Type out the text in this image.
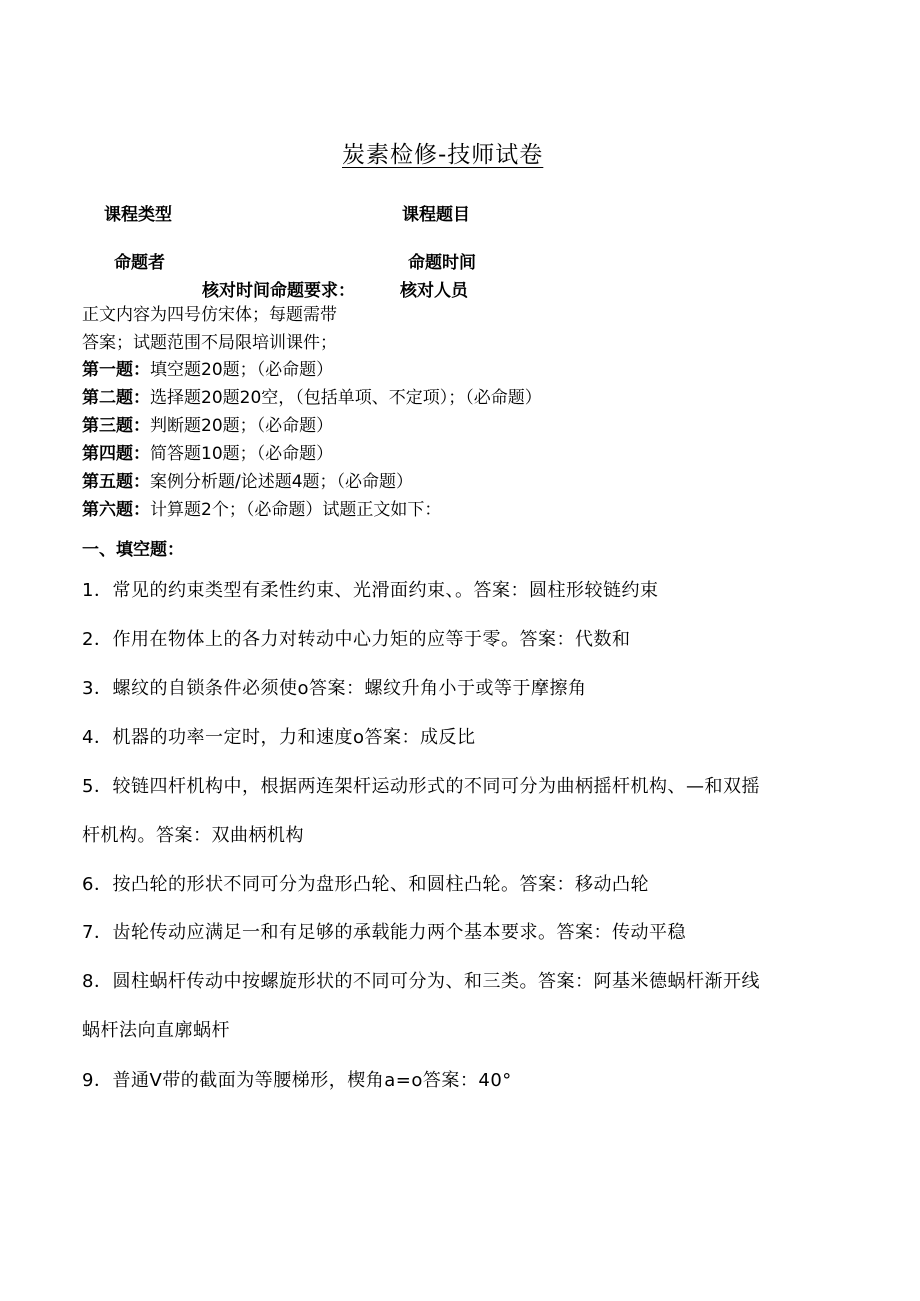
炭素检修-技师试卷
课程类型	课程题目
命题者	命题时间
核对时间命题要求：	核对人员
正文内容为四号仿宋体；每题需带
答案；试题范围不局限培训课件；
第一题：填空题20题；（必命题）
第二题：选择题20题20空，（包括单项、不定项）；（必命题）
第三题：判断题20题；（必命题）
第四题：简答题10题；（必命题）
第五题：案例分析题/论述题4题；（必命题）
第六题：计算题2个；（必命题）试题正文如下：
一、填空题：
1．常见的约束类型有柔性约束、光滑面约束、。答案：圆柱形较链约束
2．作用在物体上的各力对转动中心力矩的应等于零。答案：代数和
3．螺纹的自锁条件必须使o答案：螺纹升角小于或等于摩擦角
4．机器的功率一定时，力和速度o答案：成反比
5．较链四杆机构中，根据两连架杆运动形式的不同可分为曲柄摇杆机构、—和双摇
杆机构。答案：双曲柄机构
6．按凸轮的形状不同可分为盘形凸轮、和圆柱凸轮。答案：移动凸轮
7．齿轮传动应满足一和有足够的承载能力两个基本要求。答案：传动平稳
8．圆柱蜗杆传动中按螺旋形状的不同可分为、和三类。答案：阿基米德蜗杆渐开线
蜗杆法向直廓蜗杆
9．普通V带的截面为等腰梯形，楔角a=o答案：40°
